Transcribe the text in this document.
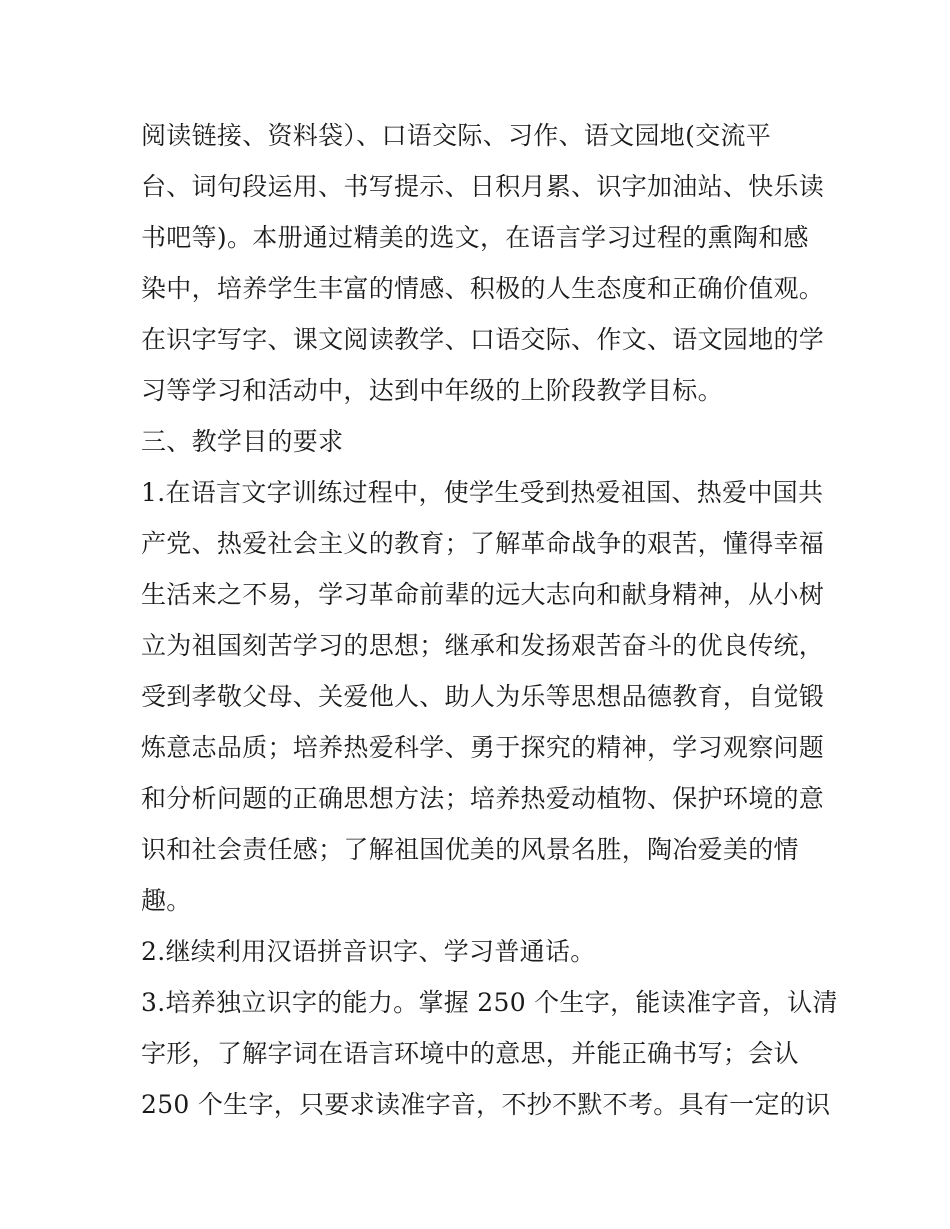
阅读链接、资料袋）、口语交际、习作、语文园地(交流平
台、词句段运用、书写提示、日积月累、识字加油站、快乐读
书吧等)。本册通过精美的选文，在语言学习过程的熏陶和感
染中，培养学生丰富的情感、积极的人生态度和正确价值观。
在识字写字、课文阅读教学、口语交际、作文、语文园地的学
习等学习和活动中，达到中年级的上阶段教学目标。
三、教学目的要求
1.在语言文字训练过程中，使学生受到热爱祖国、热爱中国共
产党、热爱社会主义的教育；了解革命战争的艰苦，懂得幸福
生活来之不易，学习革命前辈的远大志向和献身精神，从小树
立为祖国刻苦学习的思想；继承和发扬艰苦奋斗的优良传统，
受到孝敬父母、关爱他人、助人为乐等思想品德教育，自觉锻
炼意志品质；培养热爱科学、勇于探究的精神，学习观察问题
和分析问题的正确思想方法；培养热爱动植物、保护环境的意
识和社会责任感；了解祖国优美的风景名胜，陶冶爱美的情
趣。
2.继续利用汉语拼音识字、学习普通话。
3.培养独立识字的能力。掌握 250 个生字，能读准字音，认清
字形，了解字词在语言环境中的意思，并能正确书写；会认
250 个生字，只要求读准字音，不抄不默不考。具有一定的识
